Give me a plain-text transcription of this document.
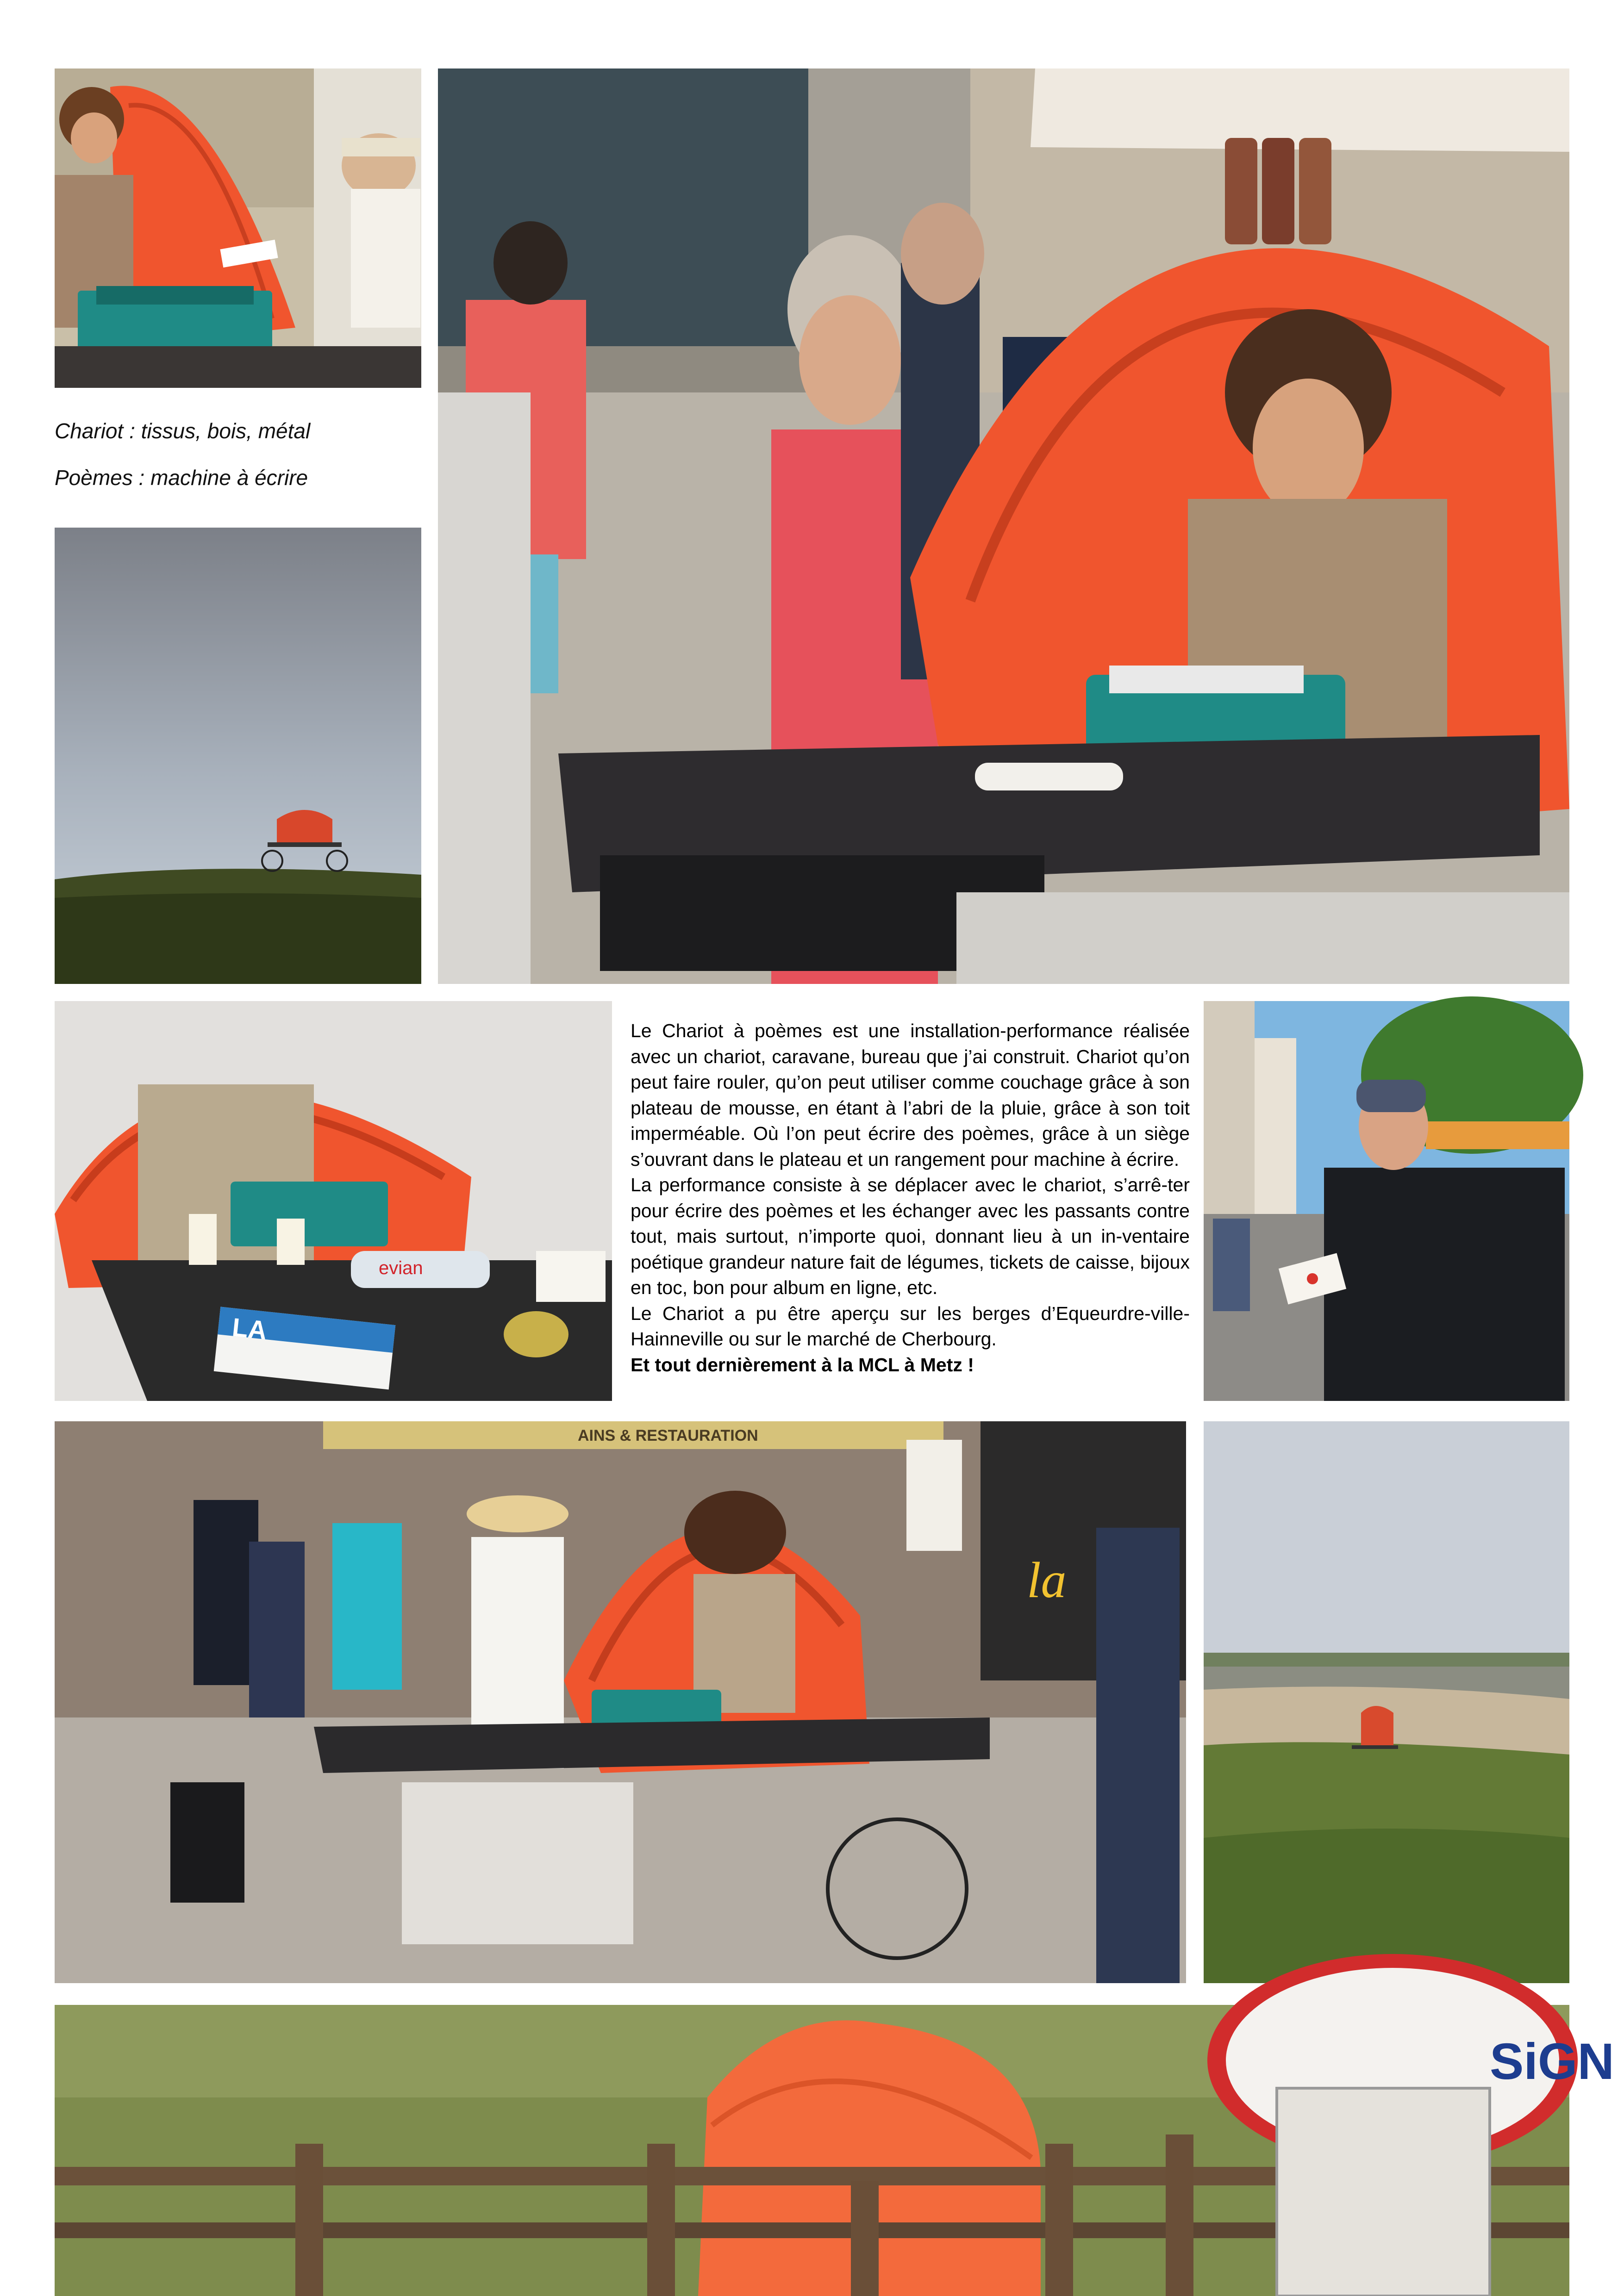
Chariot : tissus, bois, métal
Poèmes : machine à écrire
evian
LA

Le Chariot à poèmes est une installation-performance réalisée avec un chariot, caravane, bureau que j’ai construit. Chariot qu’on peut faire rouler, qu’on peut utiliser comme couchage grâce à son plateau de mousse, en étant à l’abri de la pluie, grâce à son toit imperméable. Où l’on peut écrire des poèmes, grâce à un siège s’ouvrant dans le plateau et un rangement pour machine à écrire.

La performance consiste à se déplacer avec le chariot, s’arrê-ter pour écrire des poèmes et les échanger avec les passants contre tout, mais surtout, n’importe quoi, donnant lieu à un in-ventaire poétique grandeur nature fait de légumes, tickets de caisse, bijoux en toc, bon pour album en ligne, etc.

Le Chariot a pu être aperçu sur les berges d’Equeurdre-ville-Hainneville ou sur le marché de Cherbourg.

Et tout dernièrement à la MCL à Metz !

AINS & RESTAURATION
la
SiGN
